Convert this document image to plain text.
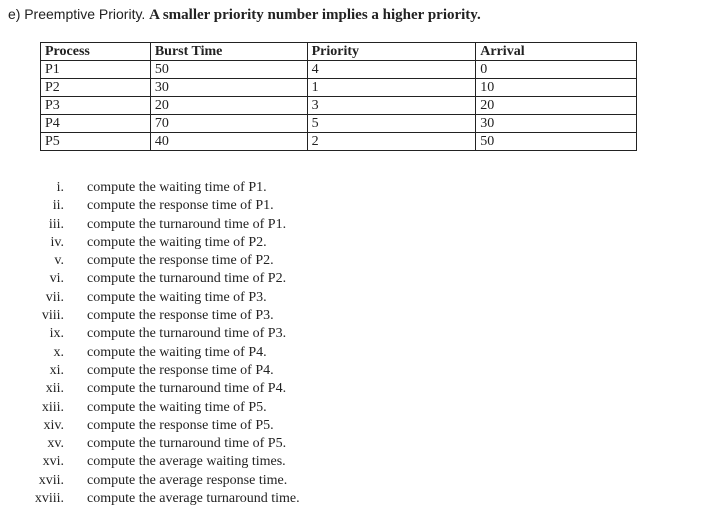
e) Preemptive Priority. A smaller priority number implies a higher priority.
Process	Burst Time	Priority	Arrival
P1	50	4	0
P2	30	1	10
P3	20	3	20
P4	70	5	30
P5	40	2	50
i. compute the waiting time of P1.
ii. compute the response time of P1.
iii. compute the turnaround time of P1.
iv. compute the waiting time of P2.
v. compute the response time of P2.
vi. compute the turnaround time of P2.
vii. compute the waiting time of P3.
viii. compute the response time of P3.
ix. compute the turnaround time of P3.
x. compute the waiting time of P4.
xi. compute the response time of P4.
xii. compute the turnaround time of P4.
xiii. compute the waiting time of P5.
xiv. compute the response time of P5.
xv. compute the turnaround time of P5.
xvi. compute the average waiting times.
xvii. compute the average response time.
xviii. compute the average turnaround time.
